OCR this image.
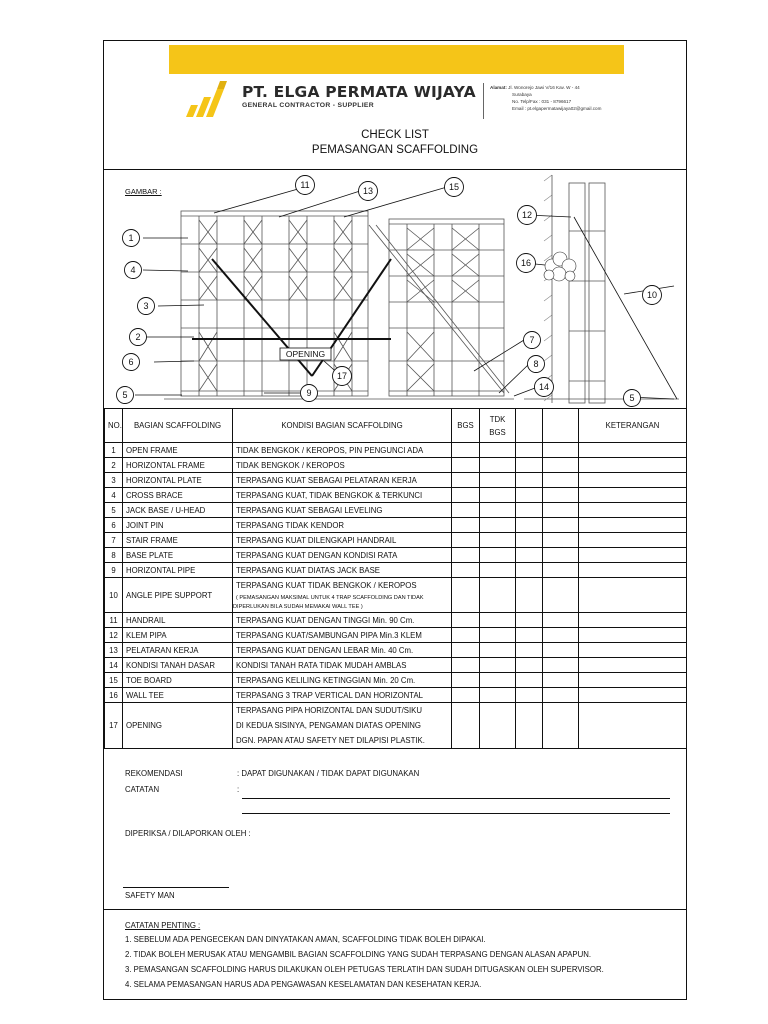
PT. ELGA PERMATA WIJAYA
GENERAL CONTRACTOR - SUPPLIER
Alamat: Jl. Wonorejo Jawi V/16 Kav. W - 44
Surabaya
No. Telp/Fax : 031 - 8796617
Email : pt.elgapermatawijaya02@gmail.com
CHECK LIST
PEMASANGAN SCAFFOLDING
1
2
3
4
5
6
7
8
9
10
11
12
13
14
15
16
17
5
OPENING
GAMBAR :
NO.	BAGIAN SCAFFOLDING	KONDISI BAGIAN SCAFFOLDING	BGS	TDK
BGS			KETERANGAN
1	OPEN FRAME	TIDAK BENGKOK / KEROPOS, PIN PENGUNCI ADA					
2	HORIZONTAL FRAME	TIDAK BENGKOK / KEROPOS					
3	HORIZONTAL PLATE	TERPASANG KUAT SEBAGAI PELATARAN KERJA					
4	CROSS BRACE	TERPASANG KUAT, TIDAK BENGKOK & TERKUNCI					
5	JACK BASE / U-HEAD	TERPASANG KUAT SEBAGAI LEVELING					
6	JOINT PIN	TERPASANG TIDAK KENDOR					
7	STAIR FRAME	TERPASANG KUAT DILENGKAPI HANDRAIL					
8	BASE PLATE	TERPASANG KUAT DENGAN KONDISI RATA					
9	HORIZONTAL PIPE	TERPASANG KUAT DIATAS JACK BASE					
10	ANGLE PIPE SUPPORT	TERPASANG KUAT TIDAK BENGKOK / KEROPOS
( PEMASANGAN MAKSIMAL UNTUK 4 TRAP SCAFFOLDING DAN TIDAK
DIPERLUKAN BILA SUDAH MEMAKAI WALL TEE )					

11	HANDRAIL	TERPASANG KUAT DENGAN TINGGI Min. 90 Cm.					
12	KLEM PIPA	TERPASANG KUAT/SAMBUNGAN PIPA Min.3 KLEM					
13	PELATARAN KERJA	TERPASANG KUAT DENGAN LEBAR Min. 40 Cm.					
14	KONDISI TANAH DASAR	KONDISI TANAH RATA TIDAK MUDAH AMBLAS					
15	TOE BOARD	TERPASANG KELILING KETINGGIAN Min. 20 Cm.					
16	WALL TEE	TERPASANG 3 TRAP VERTICAL DAN HORIZONTAL					
17	OPENING	TERPASANG PIPA HORIZONTAL DAN SUDUT/SIKU
DI KEDUA SISINYA, PENGAMAN DIATAS OPENING
DGN. PAPAN ATAU SAFETY NET DILAPISI PLASTIK.					

REKOMENDASI	: DAPAT DIGUNAKAN / TIDAK DAPAT DIGUNAKAN
CATATAN	:
DIPERIKSA / DILAPORKAN OLEH :
SAFETY MAN
CATATAN PENTING :
1. SEBELUM ADA PENGECEKAN DAN DINYATAKAN AMAN, SCAFFOLDING TIDAK BOLEH DIPAKAI.
2. TIDAK BOLEH MERUSAK ATAU MENGAMBIL BAGIAN SCAFFOLDING YANG SUDAH TERPASANG DENGAN ALASAN APAPUN.
3. PEMASANGAN SCAFFOLDING HARUS DILAKUKAN OLEH PETUGAS TERLATIH DAN SUDAH DITUGASKAN OLEH SUPERVISOR.
4. SELAMA PEMASANGAN HARUS ADA PENGAWASAN KESELAMATAN DAN KESEHATAN KERJA.
